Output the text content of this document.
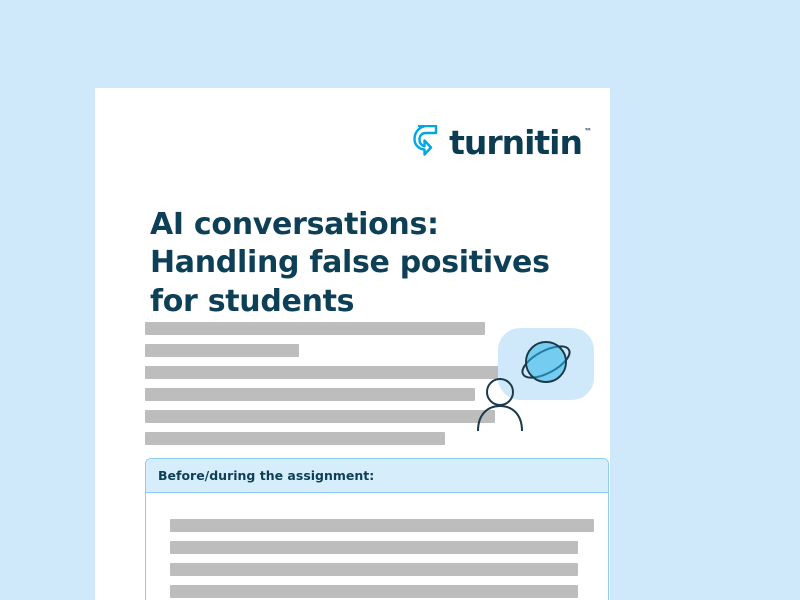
turnitin ™
AI conversations: Handling false positives for students
Before/during the assignment:
